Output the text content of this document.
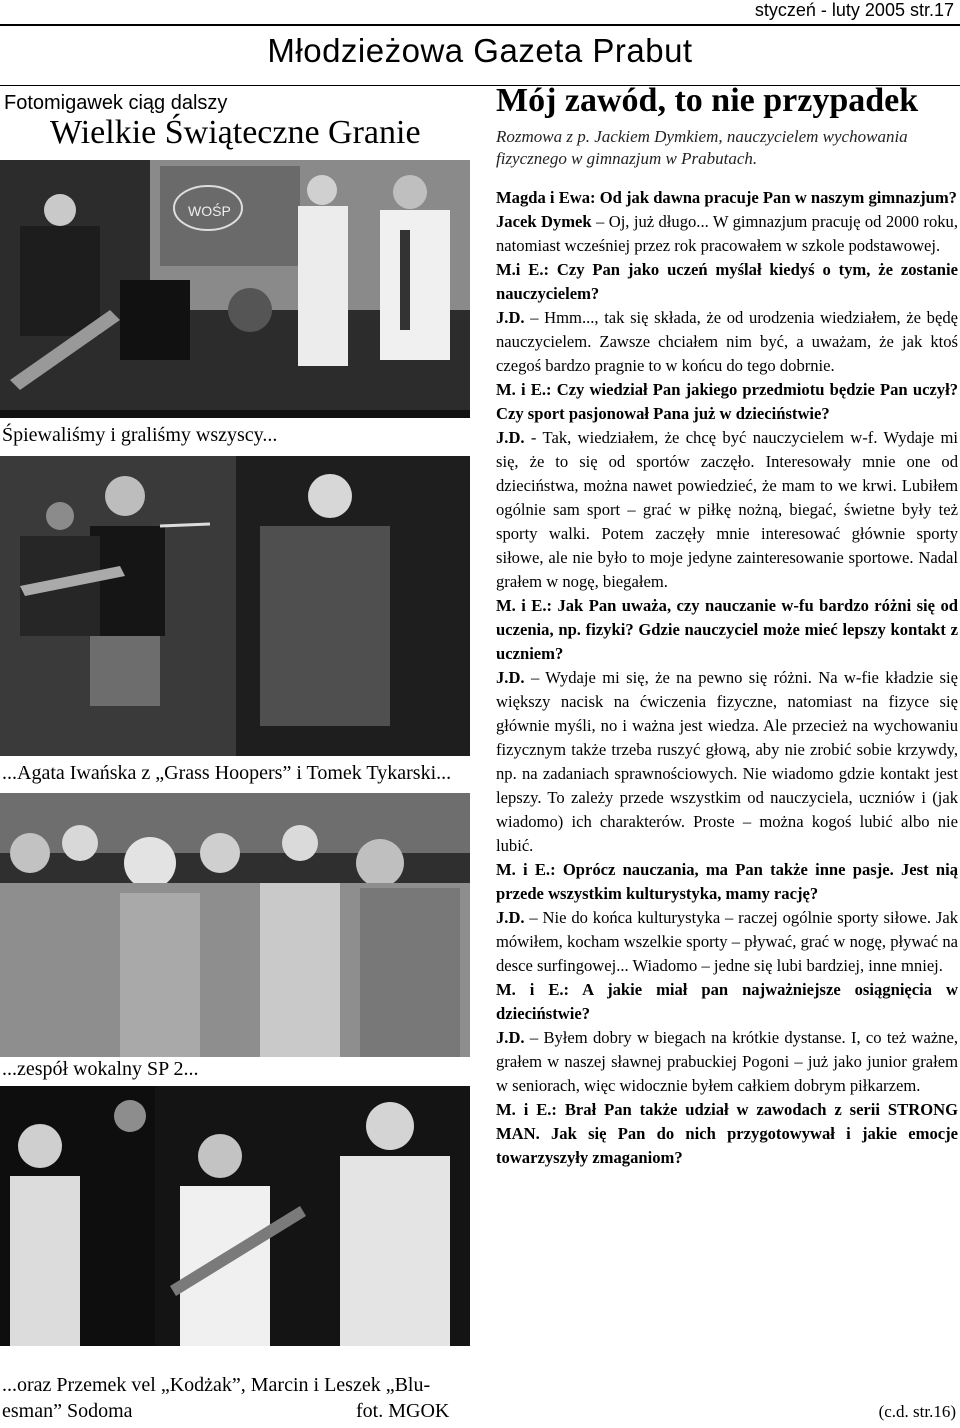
styczeń - luty 2005 str.17
Młodzieżowa Gazeta Prabut
Fotomigawek ciąg dalszy
Wielkie Świąteczne Granie
WOŚP
Śpiewaliśmy i graliśmy wszyscy...
...Agata Iwańska z „Grass Hoopers” i Tomek Tykarski...
...zespół wokalny SP 2...
...oraz Przemek vel „Kodżak”, Marcin i Leszek „Blu-
esman” Sodoma	fot. MGOK
Mój zawód, to nie przypadek
Rozmowa z p. Jackiem Dymkiem, nauczycielem wychowania fizycznego w gimnazjum w Prabutach.

Magda i Ewa: Od jak dawna pracuje Pan w naszym gimnazjum?

Jacek Dymek – Oj, już długo... W gimnazjum pracuję od 2000 roku, natomiast wcześniej przez rok pracowałem w szkole podstawowej.

M.i E.: Czy Pan jako uczeń myślał kiedyś o tym, że zostanie nauczycielem?

J.D. – Hmm..., tak się składa, że od urodzenia wiedziałem, że będę nauczycielem. Zawsze chciałem nim być, a uważam, że jak ktoś czegoś bardzo pragnie to w końcu do tego dobrnie.

M. i E.: Czy wiedział Pan jakiego przedmiotu będzie Pan uczył? Czy sport pasjonował Pana już w dzieciństwie?

J.D. - Tak, wiedziałem, że chcę być nauczycielem w-f. Wydaje mi się, że to się od sportów zaczęło. Interesowały mnie one od dzieciństwa, można nawet powiedzieć, że mam to we krwi. Lubiłem ogólnie sam sport – grać w piłkę nożną, biegać, świetne były też sporty walki. Potem zaczęły mnie interesować głównie sporty siłowe, ale nie było to moje jedyne zainteresowanie sportowe. Nadal grałem w nogę, biegałem.

M. i E.: Jak Pan uważa, czy nauczanie w-fu bardzo różni się od uczenia, np. fizyki? Gdzie nauczyciel może mieć lepszy kontakt z uczniem?

J.D. – Wydaje mi się, że na pewno się różni. Na w-fie kładzie się większy nacisk na ćwiczenia fizyczne, natomiast na fizyce się głównie myśli, no i ważna jest wiedza. Ale przecież na wychowaniu fizycznym także trzeba ruszyć głową, aby nie zrobić sobie krzywdy, np. na zadaniach sprawnościowych. Nie wiadomo gdzie kontakt jest lepszy. To zależy przede wszystkim od nauczyciela, uczniów i (jak wiadomo) ich charakterów. Proste – można kogoś lubić albo nie lubić.

M. i E.: Oprócz nauczania, ma Pan także inne pasje. Jest nią przede wszystkim kulturystyka, mamy rację?

J.D. – Nie do końca kulturystyka – raczej ogólnie sporty siłowe. Jak mówiłem, kocham wszelkie sporty – pływać, grać w nogę, pływać na desce surfingowej... Wiadomo – jedne się lubi bardziej, inne mniej.

M. i E.: A jakie miał pan najważniejsze osiągnięcia w dzieciństwie?

J.D. – Byłem dobry w biegach na krótkie dystanse. I, co też ważne, grałem w naszej sławnej prabuckiej Pogoni – już jako junior grałem w seniorach, więc widocznie byłem całkiem dobrym piłkarzem.

M. i E.: Brał Pan także udział w zawodach z serii STRONG MAN. Jak się Pan do nich przygotowywał i jakie emocje towarzyszyły zmaganiom?

(c.d. str.16)
